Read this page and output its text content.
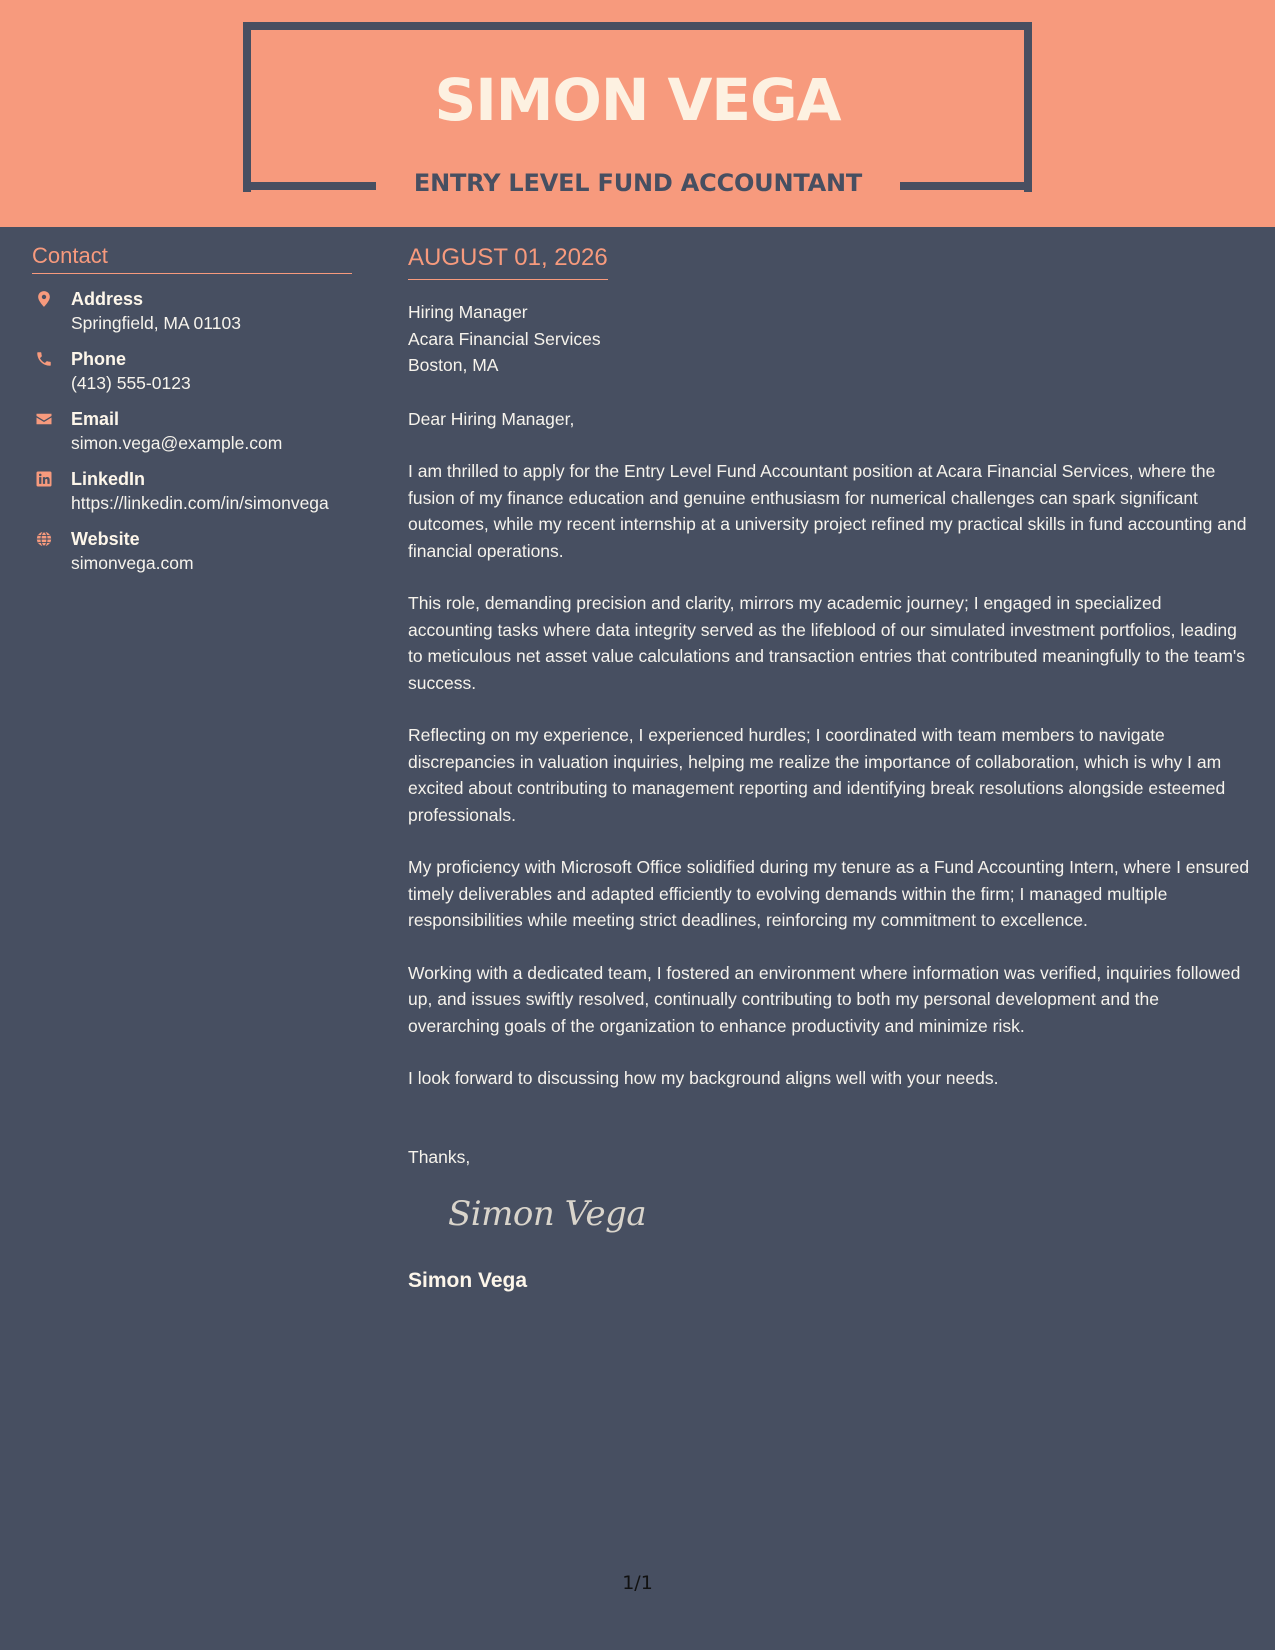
SIMON VEGA
ENTRY LEVEL FUND ACCOUNTANT
Contact
Address
Springfield, MA 01103
Phone
(413) 555-0123
Email
simon.vega@example.com
LinkedIn
https://linkedin.com/in/simonvega
Website
simonvega.com
AUGUST 01, 2026
Hiring Manager
Acara Financial Services
Boston, MA
Dear Hiring Manager,
I am thrilled to apply for the Entry Level Fund Accountant position at Acara Financial Services, where the fusion of my finance education and genuine enthusiasm for numerical challenges can spark significant outcomes, while my recent internship at a university project refined my practical skills in fund accounting and financial operations.
This role, demanding precision and clarity, mirrors my academic journey; I engaged in specialized accounting tasks where data integrity served as the lifeblood of our simulated investment portfolios, leading to meticulous net asset value calculations and transaction entries that contributed meaningfully to the team's success.
Reflecting on my experience, I experienced hurdles; I coordinated with team members to navigate discrepancies in valuation inquiries, helping me realize the importance of collaboration, which is why I am excited about contributing to management reporting and identifying break resolutions alongside esteemed professionals.
My proficiency with Microsoft Office solidified during my tenure as a Fund Accounting Intern, where I ensured timely deliverables and adapted efficiently to evolving demands within the firm; I managed multiple responsibilities while meeting strict deadlines, reinforcing my commitment to excellence.
Working with a dedicated team, I fostered an environment where information was verified, inquiries followed up, and issues swiftly resolved, continually contributing to both my personal development and the overarching goals of the organization to enhance productivity and minimize risk.
I look forward to discussing how my background aligns well with your needs.
Thanks,
Simon Vega
Simon Vega
1/1
